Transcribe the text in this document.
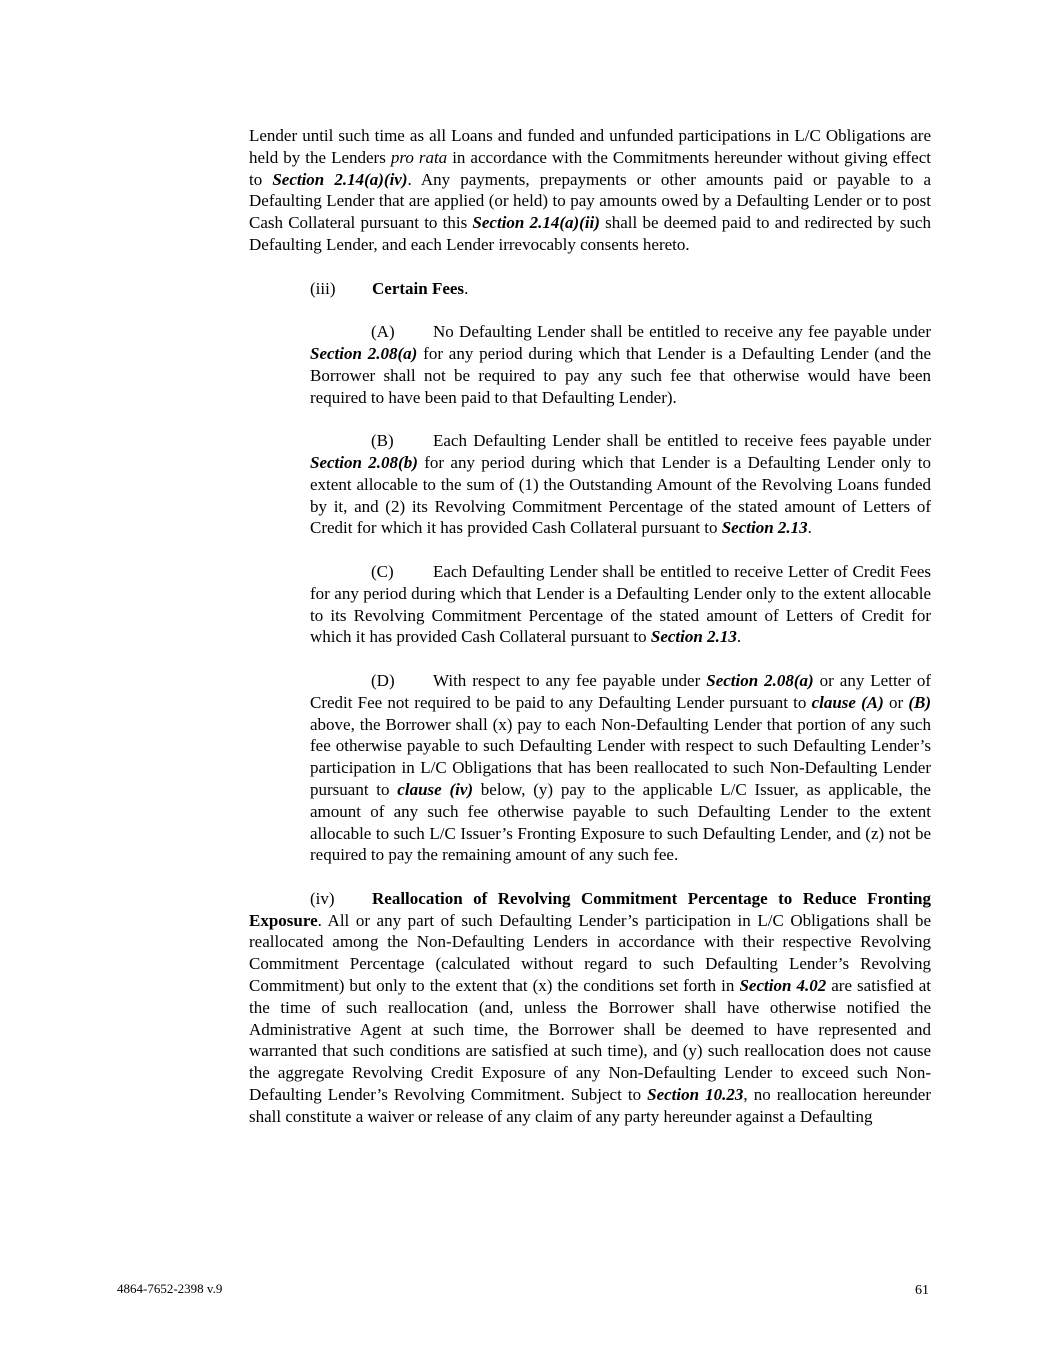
Lender until such time as all Loans and funded and unfunded participations in L/C Obligations are held by the Lenders pro rata in accordance with the Commitments hereunder without giving effect to Section 2.14(a)(iv). Any payments, prepayments or other amounts paid or payable to a Defaulting Lender that are applied (or held) to pay amounts owed by a Defaulting Lender or to post Cash Collateral pursuant to this Section 2.14(a)(ii) shall be deemed paid to and redirected by such Defaulting Lender, and each Lender irrevocably consents hereto.

(iii) Certain Fees.

(A) No Defaulting Lender shall be entitled to receive any fee payable under Section 2.08(a) for any period during which that Lender is a Defaulting Lender (and the Borrower shall not be required to pay any such fee that otherwise would have been required to have been paid to that Defaulting Lender).

(B) Each Defaulting Lender shall be entitled to receive fees payable under Section 2.08(b) for any period during which that Lender is a Defaulting Lender only to extent allocable to the sum of (1) the Outstanding Amount of the Revolving Loans funded by it, and (2) its Revolving Commitment Percentage of the stated amount of Letters of Credit for which it has provided Cash Collateral pursuant to Section 2.13.

(C) Each Defaulting Lender shall be entitled to receive Letter of Credit Fees for any period during which that Lender is a Defaulting Lender only to the extent allocable to its Revolving Commitment Percentage of the stated amount of Letters of Credit for which it has provided Cash Collateral pursuant to Section 2.13.

(D) With respect to any fee payable under Section 2.08(a) or any Letter of Credit Fee not required to be paid to any Defaulting Lender pursuant to clause (A) or (B) above, the Borrower shall (x) pay to each Non-Defaulting Lender that portion of any such fee otherwise payable to such Defaulting Lender with respect to such Defaulting Lender’s participation in L/C Obligations that has been reallocated to such Non-Defaulting Lender pursuant to clause (iv) below, (y) pay to the applicable L/C Issuer, as applicable, the amount of any such fee otherwise payable to such Defaulting Lender to the extent allocable to such L/C Issuer’s Fronting Exposure to such Defaulting Lender, and (z) not be required to pay the remaining amount of any such fee.

(iv) Reallocation of Revolving Commitment Percentage to Reduce Fronting Exposure. All or any part of such Defaulting Lender’s participation in L/C Obligations shall be reallocated among the Non-Defaulting Lenders in accordance with their respective Revolving Commitment Percentage (calculated without regard to such Defaulting Lender’s Revolving Commitment) but only to the extent that (x) the conditions set forth in Section 4.02 are satisfied at the time of such reallocation (and, unless the Borrower shall have otherwise notified the Administrative Agent at such time, the Borrower shall be deemed to have represented and warranted that such conditions are satisfied at such time), and (y) such reallocation does not cause the aggregate Revolving Credit Exposure of any Non-Defaulting Lender to exceed such Non-Defaulting Lender’s Revolving Commitment. Subject to Section 10.23, no reallocation hereunder shall constitute a waiver or release of any claim of any party hereunder against a Defaulting

4864-7652-2398 v.9	61
